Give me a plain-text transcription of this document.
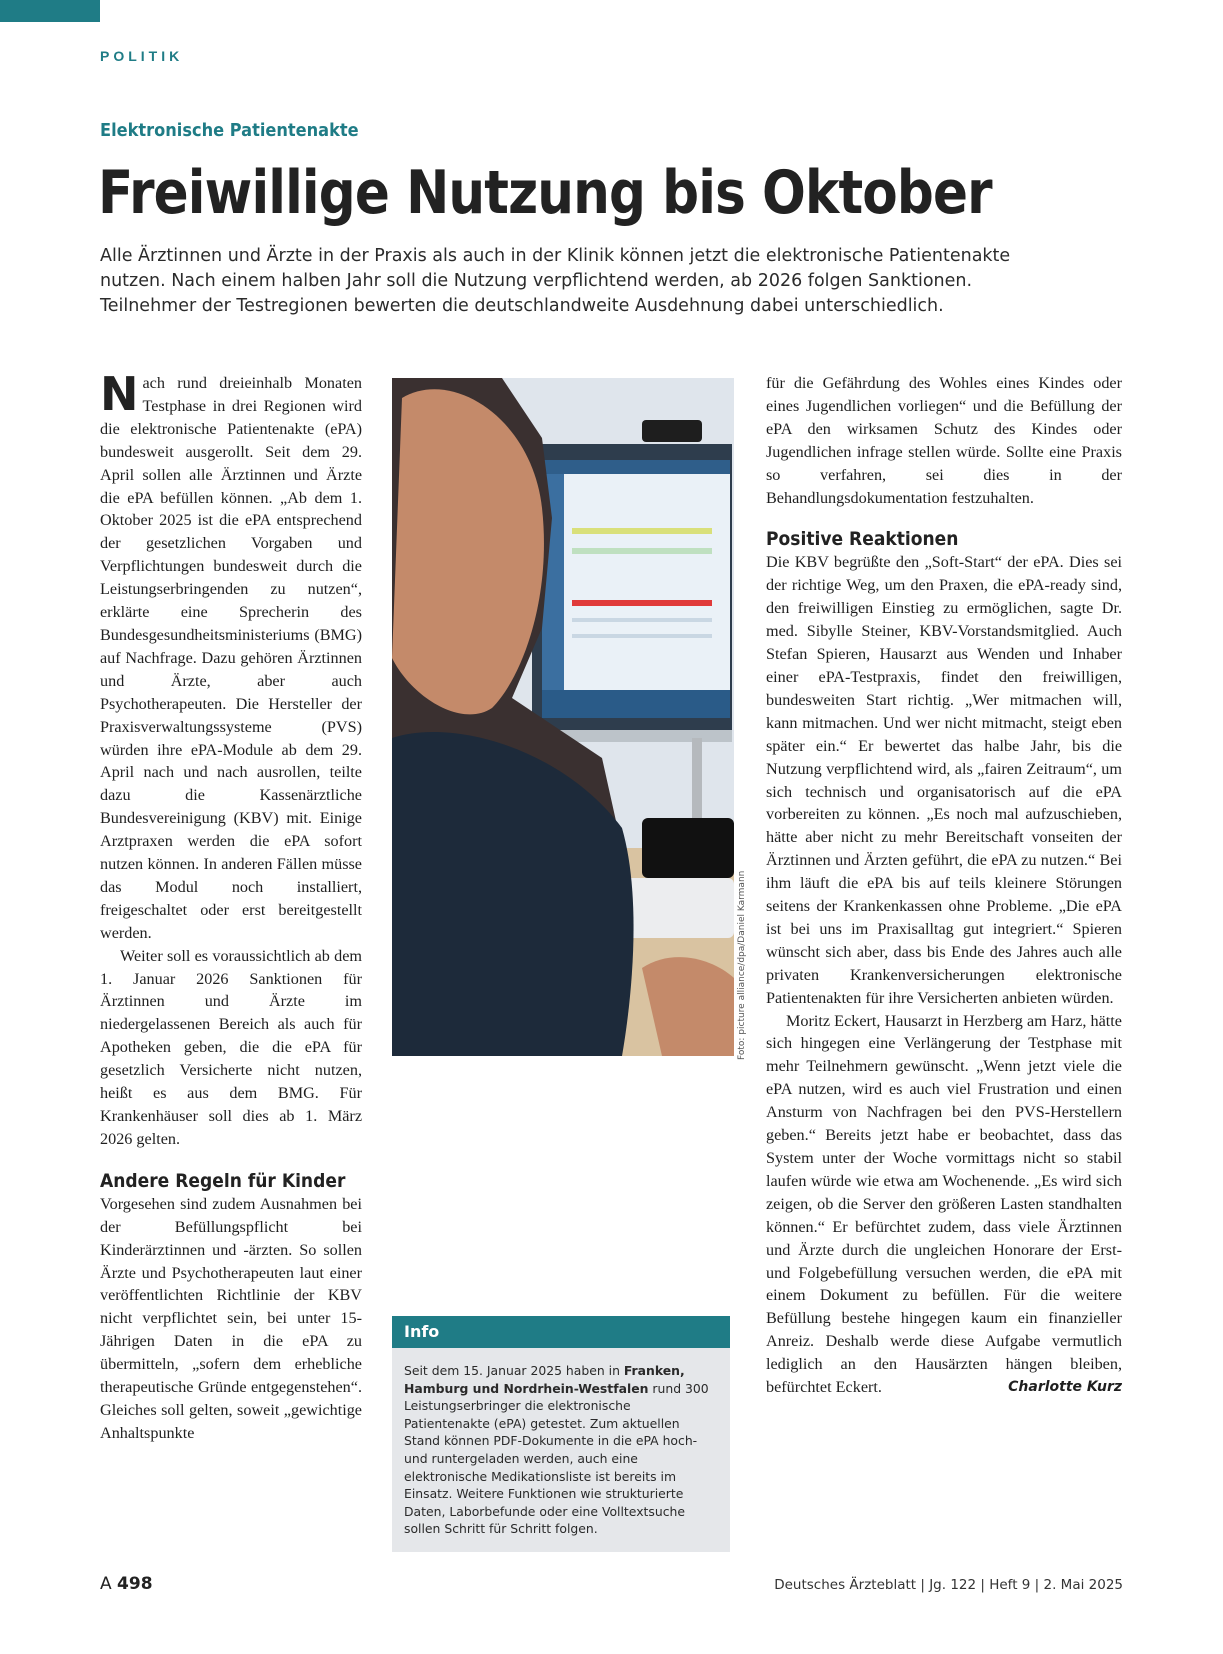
POLITIK
Elektronische Patientenakte
Freiwillige Nutzung bis Oktober

Alle Ärztinnen und Ärzte in der Praxis als auch in der Klinik können jetzt die elektronische Patientenakte

nutzen. Nach einem halben Jahr soll die Nutzung verpflichtend werden, ab 2026 folgen Sanktionen.

Teilnehmer der Testregionen bewerten die deutschlandweite Ausdehnung dabei unterschiedlich.

Nach rund dreieinhalb Monaten Testphase in drei Regionen wird die elektronische Patientenakte (ePA) bundesweit ausgerollt. Seit dem 29. April sollen alle Ärztinnen und Ärzte die ePA befüllen können. „Ab dem 1. Oktober 2025 ist die ePA entsprechend der gesetzlichen Vorgaben und Verpflichtungen bundesweit durch die Leistungserbringenden zu nutzen“, erklärte eine Sprecherin des Bundesgesundheitsministeriums (BMG) auf Nachfrage. Dazu gehören Ärztinnen und Ärzte, aber auch Psychotherapeuten. Die Hersteller der Praxisverwaltungssysteme (PVS) würden ihre ePA-Module ab dem 29. April nach und nach ausrollen, teilte dazu die Kassenärztliche Bundesvereinigung (KBV) mit. Einige Arztpraxen werden die ePA sofort nutzen können. In anderen Fällen müsse das Modul noch installiert, freigeschaltet oder erst bereitgestellt werden.

Weiter soll es voraussichtlich ab dem 1. Januar 2026 Sanktionen für Ärztinnen und Ärzte im niedergelassenen Bereich als auch für Apotheken geben, die die ePA für gesetzlich Versicherte nicht nutzen, heißt es aus dem BMG. Für Krankenhäuser soll dies ab 1. März 2026 gelten.

Andere Regeln für Kinder

Vorgesehen sind zudem Ausnahmen bei der Befüllungspflicht bei Kinderärztinnen und -ärzten. So sollen Ärzte und Psychotherapeuten laut einer veröffentlichten Richtlinie der KBV nicht verpflichtet sein, bei unter 15-Jährigen Daten in die ePA zu übermitteln, „sofern dem erhebliche therapeutische Gründe entgegenstehen“. Gleiches soll gelten, soweit „gewichtige Anhaltspunkte

Foto: picture alliance/dpa/Daniel Karmann
Info
Seit dem 15. Januar 2025 haben in Franken, Hamburg und Nordrhein-Westfalen rund 300 Leistungserbringer die elektronische Patientenakte (ePA) getestet. Zum aktuellen Stand können PDF-Dokumente in die ePA hoch- und runtergeladen werden, auch eine elektronische Medikationsliste ist bereits im Einsatz. Weitere Funktionen wie strukturierte Daten, Laborbefunde oder eine Volltextsuche sollen Schritt für Schritt folgen.

für die Gefährdung des Wohles eines Kindes oder eines Jugendlichen vorliegen“ und die Befüllung der ePA den wirksamen Schutz des Kindes oder Jugendlichen infrage stellen würde. Sollte eine Praxis so verfahren, sei dies in der Behandlungsdokumentation festzuhalten.

Positive Reaktionen

Die KBV begrüßte den „Soft-Start“ der ePA. Dies sei der richtige Weg, um den Praxen, die ePA-ready sind, den freiwilligen Einstieg zu ermöglichen, sagte Dr. med. Sibylle Steiner, KBV-Vorstandsmitglied. Auch Stefan Spieren, Hausarzt aus Wenden und Inhaber einer ePA-Testpraxis, findet den freiwilligen, bundesweiten Start richtig. „Wer mitmachen will, kann mitmachen. Und wer nicht mitmacht, steigt eben später ein.“ Er bewertet das halbe Jahr, bis die Nutzung verpflichtend wird, als „fairen Zeitraum“, um sich technisch und organisatorisch auf die ePA vorbereiten zu können. „Es noch mal aufzuschieben, hätte aber nicht zu mehr Bereitschaft vonseiten der Ärztinnen und Ärzten geführt, die ePA zu nutzen.“ Bei ihm läuft die ePA bis auf teils kleinere Störungen seitens der Krankenkassen ohne Probleme. „Die ePA ist bei uns im Praxisalltag gut integriert.“ Spieren wünscht sich aber, dass bis Ende des Jahres auch alle privaten Krankenversicherungen elektronische Patientenakten für ihre Versicherten anbieten würden.

Moritz Eckert, Hausarzt in Herzberg am Harz, hätte sich hingegen eine Verlängerung der Testphase mit mehr Teilnehmern gewünscht. „Wenn jetzt viele die ePA nutzen, wird es auch viel Frustration und einen Ansturm von Nachfragen bei den PVS-Herstellern geben.“ Bereits jetzt habe er beobachtet, dass das System unter der Woche vormittags nicht so stabil laufen würde wie etwa am Wochenende. „Es wird sich zeigen, ob die Server den größeren Lasten standhalten können.“ Er befürchtet zudem, dass viele Ärztinnen und Ärzte durch die ungleichen Honorare der Erst- und Folgebefüllung versuchen werden, die ePA mit einem Dokument zu befüllen. Für die weitere Befüllung bestehe hingegen kaum ein finanzieller Anreiz. Deshalb werde diese Aufgabe vermutlich lediglich an den Hausärzten hängen bleiben, befürchtet Eckert.	Charlotte Kurz

A 498	Deutsches Ärzteblatt | Jg. 122 | Heft 9 | 2. Mai 2025
